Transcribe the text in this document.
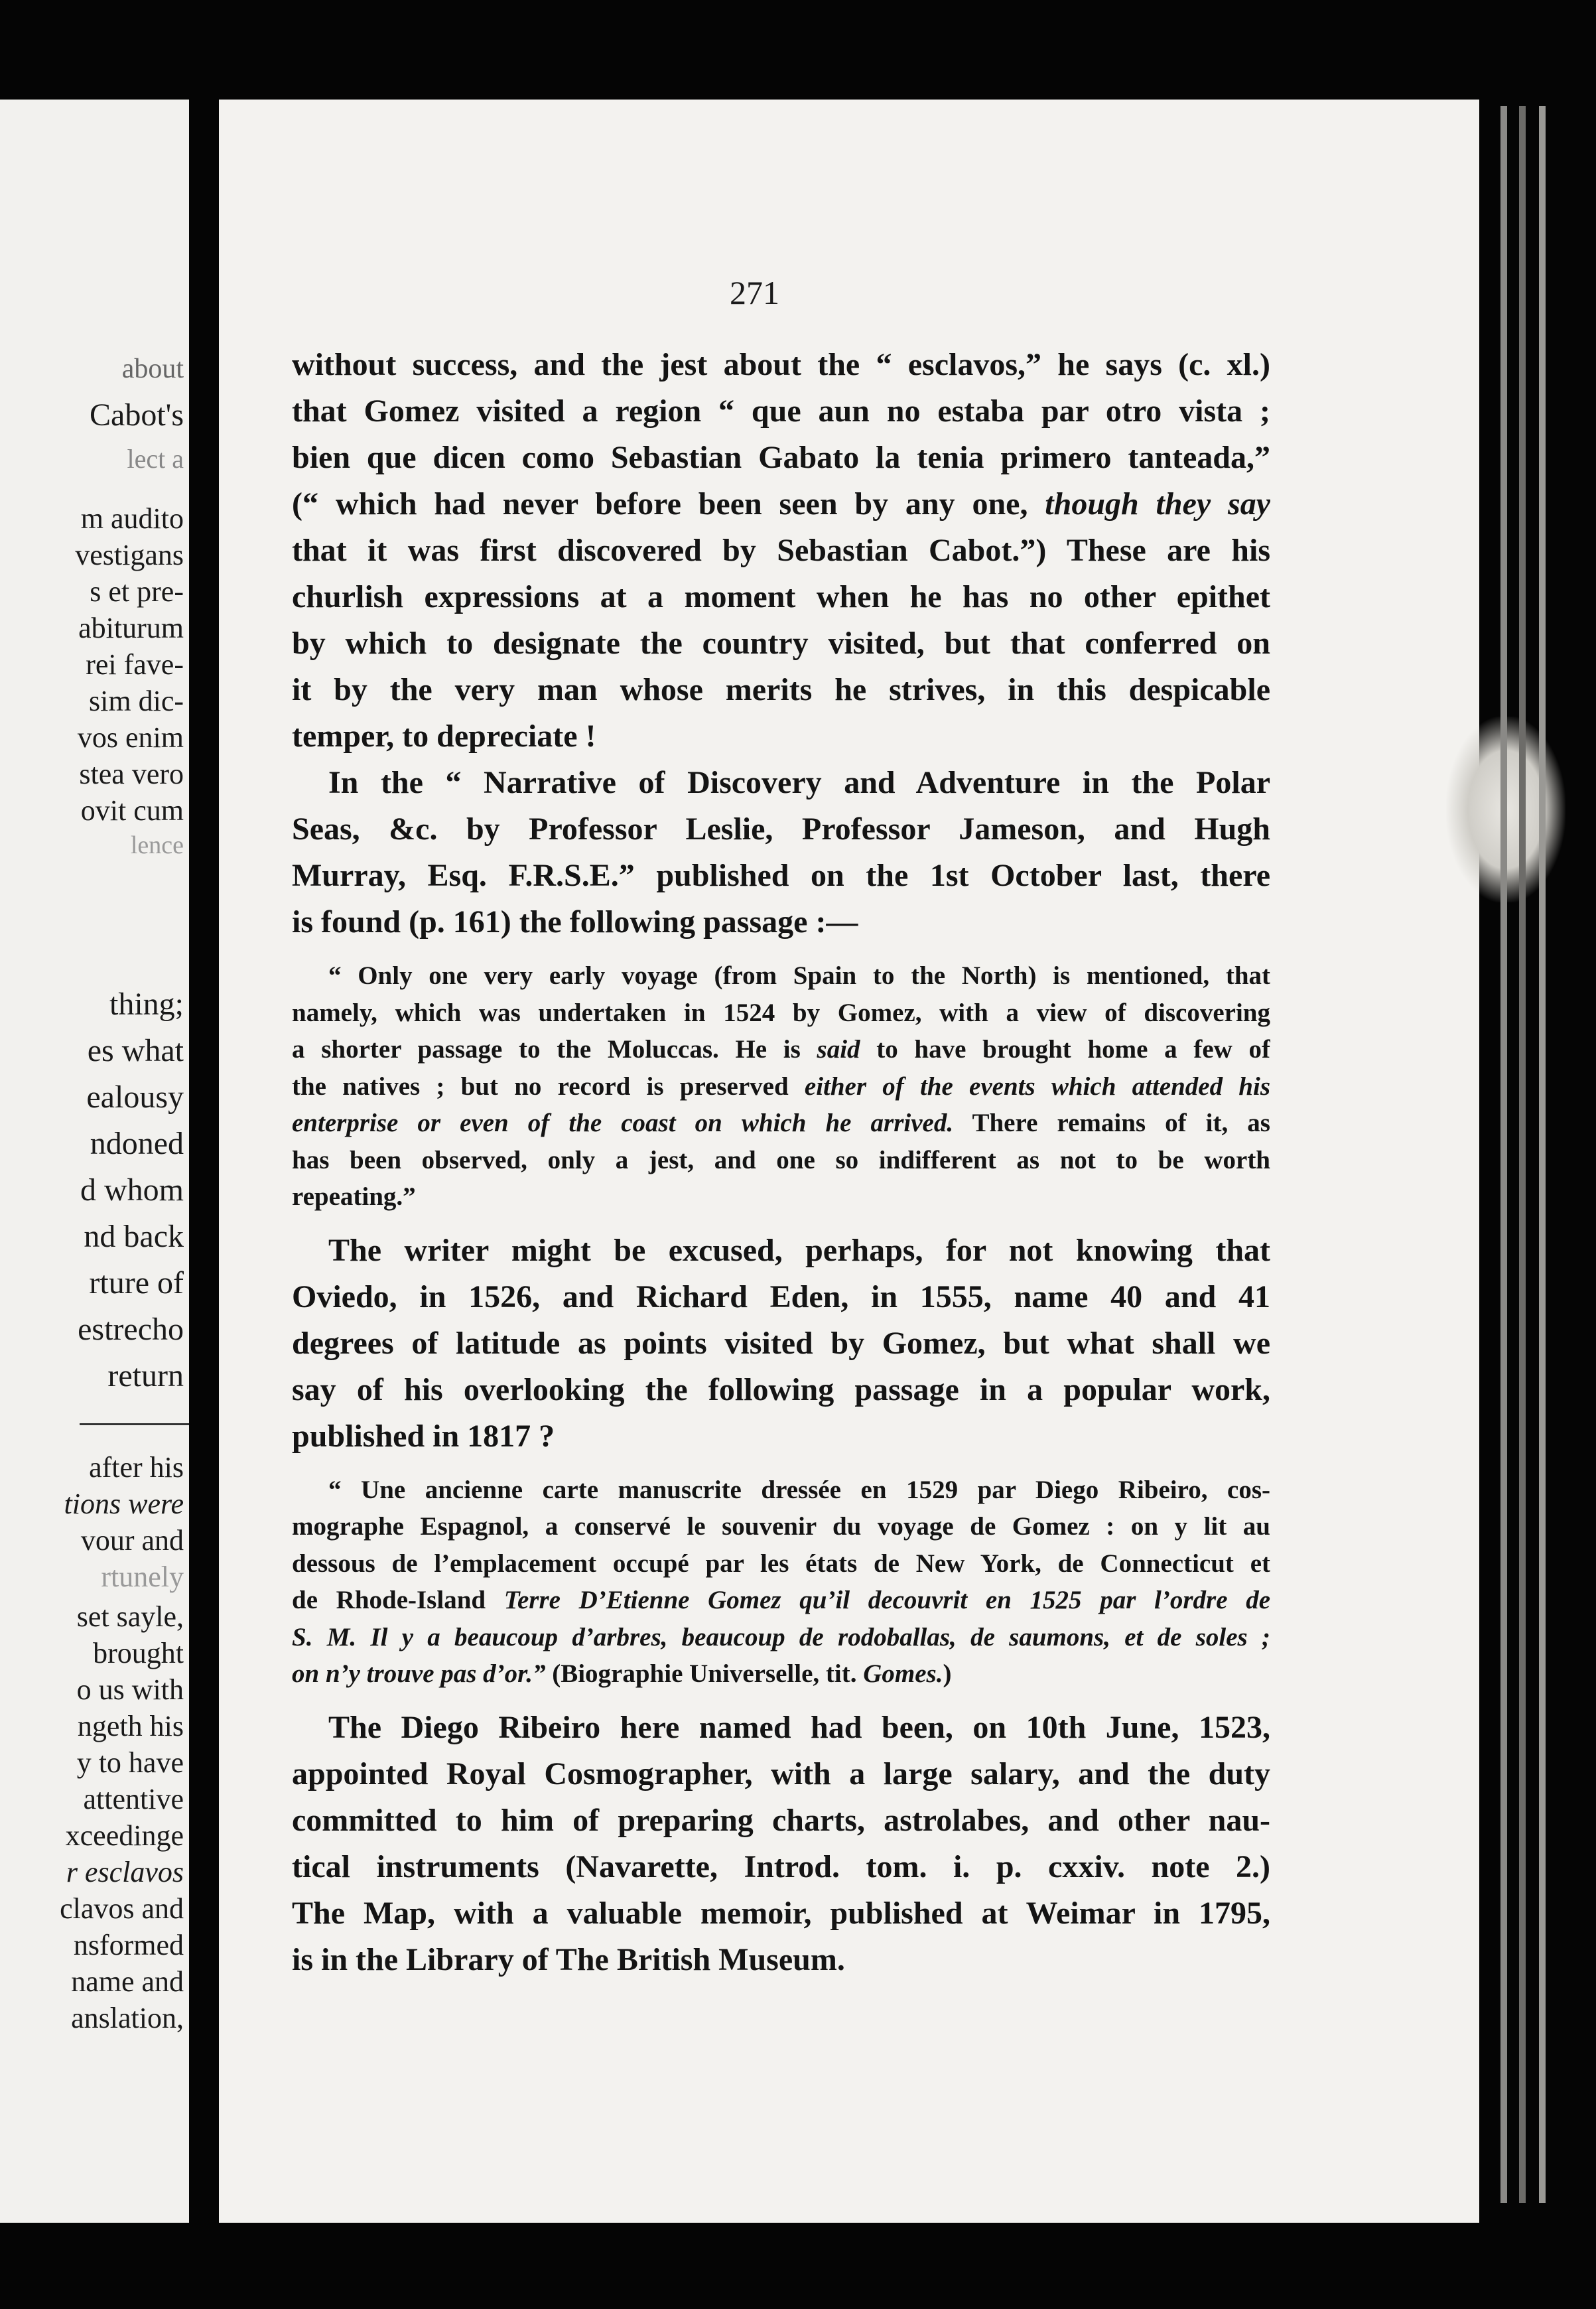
about
Cabot's
lect a
m audito
vestigans
s et pre-
abiturum
rei fave-
sim dic-
vos enim
stea vero
ovit cum
lence
thing;
es what
ealousy
ndoned
d whom
nd back
rture of
estrecho
return
after his
tions were
vour and
rtunely
set sayle,
brought
o us with
ngeth his
y to have
attentive
xceedinge
r esclavos
clavos and
nsformed
name and
anslation,
271
without success, and the jest about the “ esclavos,” he says (c. xl.)
that Gomez visited a region “ que aun no estaba par otro vista ;
bien que dicen como Sebastian Gabato la tenia primero tanteada,”
(“ which had never before been seen by any one, though they say
that it was first discovered by Sebastian Cabot.”) These are his
churlish expressions at a moment when he has no other epithet
by which to designate the country visited, but that conferred on
it by the very man whose merits he strives, in this despicable
temper, to depreciate !
In the “ Narrative of Discovery and Adventure in the Polar
Seas, &c. by Professor Leslie, Professor Jameson, and Hugh
Murray, Esq. F.R.S.E.” published on the 1st October last, there
is found (p. 161) the following passage :—
“ Only one very early voyage (from Spain to the North) is mentioned, that
namely, which was undertaken in 1524 by Gomez, with a view of discovering
a shorter passage to the Moluccas. He is said to have brought home a few of
the natives ; but no record is preserved either of the events which attended his
enterprise or even of the coast on which he arrived. There remains of it, as
has been observed, only a jest, and one so indifferent as not to be worth
repeating.”
The writer might be excused, perhaps, for not knowing that
Oviedo, in 1526, and Richard Eden, in 1555, name 40 and 41
degrees of latitude as points visited by Gomez, but what shall we
say of his overlooking the following passage in a popular work,
published in 1817 ?
“ Une ancienne carte manuscrite dressée en 1529 par Diego Ribeiro, cos-
mographe Espagnol, a conservé le souvenir du voyage de Gomez : on y lit au
dessous de l’emplacement occupé par les états de New York, de Connecticut et
de Rhode-Island Terre D’Etienne Gomez qu’il decouvrit en 1525 par l’ordre de
S. M. Il y a beaucoup d’arbres, beaucoup de rodoballas, de saumons, et de soles ;
on n’y trouve pas d’or.” (Biographie Universelle, tit. Gomes.)
The Diego Ribeiro here named had been, on 10th June, 1523,
appointed Royal Cosmographer, with a large salary, and the duty
committed to him of preparing charts, astrolabes, and other nau-
tical instruments (Navarette, Introd. tom. i. p. cxxiv. note 2.)
The Map, with a valuable memoir, published at Weimar in 1795,
is in the Library of The British Museum.
